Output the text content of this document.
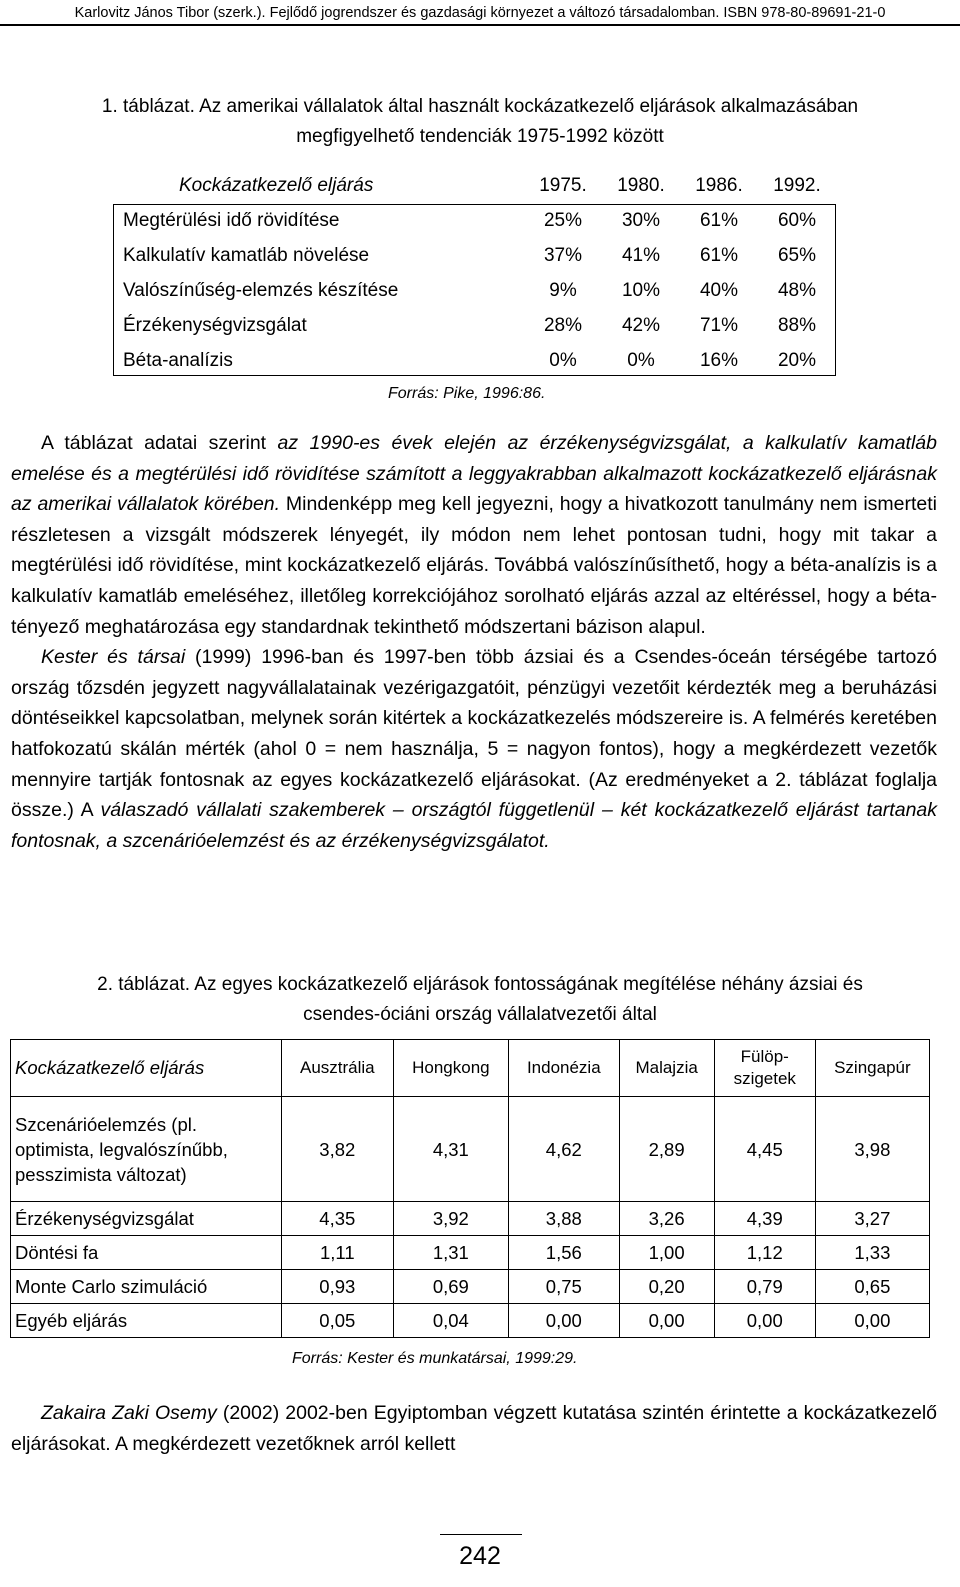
Karlovitz János Tibor (szerk.). Fejlődő jogrendszer és gazdasági környezet a változó társadalomban. ISBN 978-80-89691-21-0
1. táblázat. Az amerikai vállalatok által használt kockázatkezelő eljárások alkalmazásában
megfigyelhető tendenciák 1975-1992 között
Kockázatkezelő eljárás	1975.	1980.	1986.	1992.
Megtérülési idő rövidítése	25%	30%	61%	60%
Kalkulatív kamatláb növelése	37%	41%	61%	65%
Valószínűség-elemzés készítése	9%	10%	40%	48%
Érzékenységvizsgálat	28%	42%	71%	88%
Béta-analízis	0%	0%	16%	20%
Forrás: Pike, 1996:86.

A táblázat adatai szerint az 1990-es évek elején az érzékenységvizsgálat, a kalkulatív kamatláb emelése és a megtérülési idő rövidítése számított a leggyakrabban alkalmazott kockázatkezelő eljárásnak az amerikai vállalatok körében. Mindenképp meg kell jegyezni, hogy a hivatkozott tanulmány nem ismerteti részletesen a vizsgált módszerek lényegét, ily módon nem lehet pontosan tudni, hogy mit takar a megtérülési idő rövidítése, mint kockázatkezelő eljárás. Továbbá valószínűsíthető, hogy a béta-analízis is a kalkulatív kamatláb emeléséhez, illetőleg korrekciójához sorolható eljárás azzal az eltéréssel, hogy a béta-tényező meghatározása egy standardnak tekinthető módszertani bázison alapul.

Kester és társai (1999) 1996-ban és 1997-ben több ázsiai és a Csendes-óceán térségébe tartozó ország tőzsdén jegyzett nagyvállalatainak vezérigazgatóit, pénzügyi vezetőit kérdezték meg a beruházási döntéseikkel kapcsolatban, melynek során kitértek a kockázatkezelés módszereire is. A felmérés keretében hatfokozatú skálán mérték (ahol 0 = nem használja, 5 = nagyon fontos), hogy a megkérdezett vezetők mennyire tartják fontosnak az egyes kockázatkezelő eljárásokat. (Az eredményeket a 2. táblázat foglalja össze.) A válaszadó vállalati szakemberek – országtól függetlenül – két kockázatkezelő eljárást tartanak fontosnak, a szcenárióelemzést és az érzékenységvizsgálatot.

2. táblázat. Az egyes kockázatkezelő eljárások fontosságának megítélése néhány ázsiai és
csendes-óciáni ország vállalatvezetői által
Kockázatkezelő eljárás	Ausztrália	Hongkong	Indonézia	Malajzia	Fülöp-szigetek	Szingapúr
Szcenárióelemzés (pl. optimista, legvalószínűbb, pesszimista változat)	3,82	4,31	4,62	2,89	4,45	3,98
Érzékenységvizsgálat	4,35	3,92	3,88	3,26	4,39	3,27
Döntési fa	1,11	1,31	1,56	1,00	1,12	1,33
Monte Carlo szimuláció	0,93	0,69	0,75	0,20	0,79	0,65
Egyéb eljárás	0,05	0,04	0,00	0,00	0,00	0,00
Forrás: Kester és munkatársai, 1999:29.

Zakaira Zaki Osemy (2002) 2002-ben Egyiptomban végzett kutatása szintén érintette a kockázatkezelő eljárásokat. A megkérdezett vezetőknek arról kellett

242
